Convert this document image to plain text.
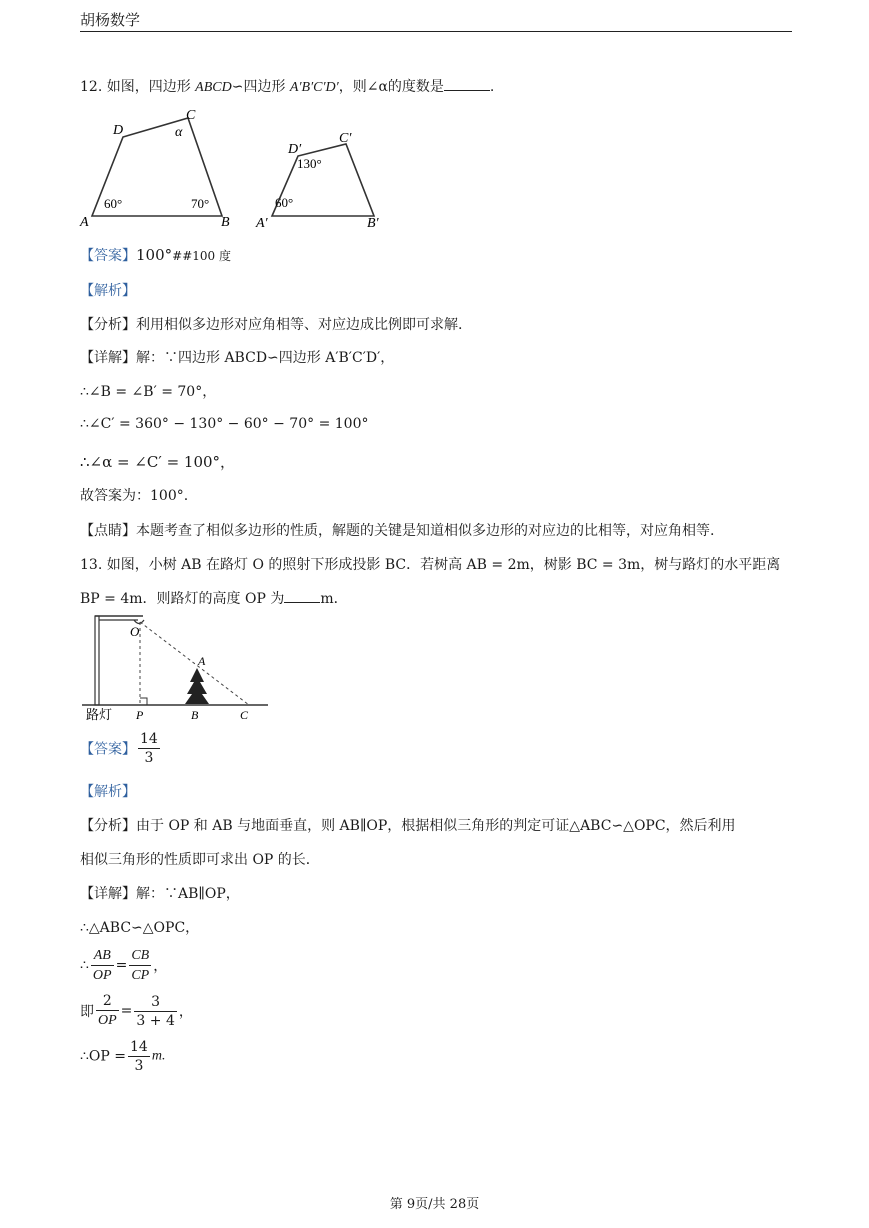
胡杨数学
12. 如图，四边形 ABCD∽四边形 A′B′C′D′，则∠α的度数是	.
A	B
C
D
60°	70°
α
A′	B′
C′
D′
60°
130°
【答案】100°##100 度
【解析】
【分析】利用相似多边形对应角相等、对应边成比例即可求解.
【详解】解：∵四边形 ABCD∽四边形 A′B′C′D′，
∴∠B = ∠B′ = 70°，
∴∠C′ = 360° − 130° − 60° − 70° = 100°
∴∠α = ∠C′ = 100°，
故答案为：100°.
【点睛】本题考查了相似多边形的性质，解题的关键是知道相似多边形的对应边的比相等，对应角相等.
13. 如图，小树 AB 在路灯 O 的照射下形成投影 BC．若树高 AB = 2m，树影 BC = 3m，树与路灯的水平距离
BP = 4m．则路灯的高度 OP 为	m．
O
A
P	B	C
路灯
【答案】 $\frac{14}{3}$
【解析】
【分析】由于 OP 和 AB 与地面垂直，则 AB∥OP，根据相似三角形的判定可证△ABC∽△OPC，然后利用
相似三角形的性质即可求出 OP 的长．
【详解】解：∵AB∥OP，
∴△ABC∽△OPC，
∴ $\frac{AB}{OP} = \frac{CB}{CP}$ ，
即 $\frac{2}{OP} = \frac{3}{3 + 4}$ ，
∴OP = $\frac{14}{3} m$.
第 9页/共 28页
